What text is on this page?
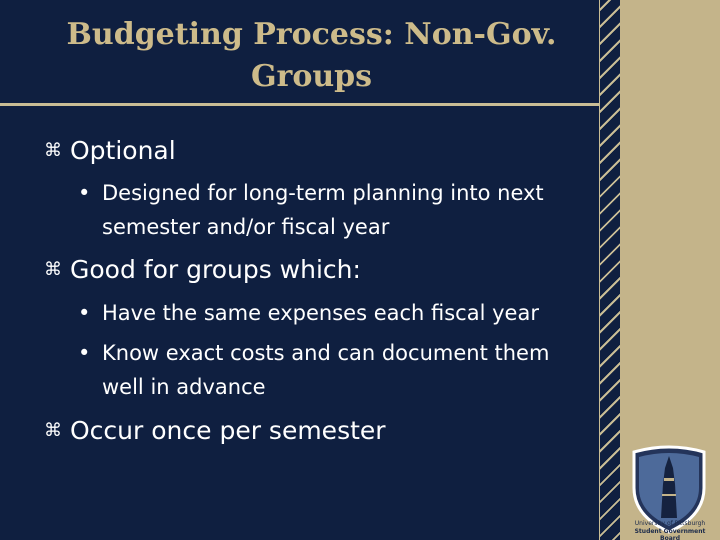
Budgeting Process: Non-Gov.
Groups
⌘ Optional
• Designed for long-term planning into next
semester and/or fiscal year
⌘ Good for groups which:
• Have the same expenses each fiscal year
• Know exact costs and can document them
well in advance
⌘ Occur once per semester
University of Pittsburgh
Student Government Board
